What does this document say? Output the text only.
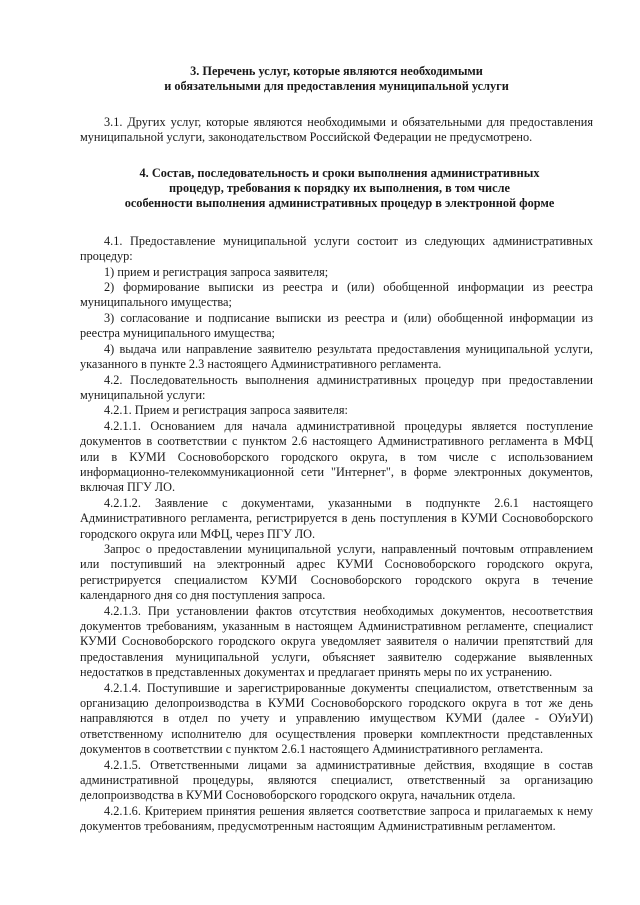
3. Перечень услуг, которые являются необходимыми
и обязательными для предоставления муниципальной услуги

3.1. Других услуг, которые являются необходимыми и обязательными для предоставления муниципальной услуги, законодательством Российской Федерации не предусмотрено.

4. Состав, последовательность и сроки выполнения административных
процедур, требования к порядку их выполнения, в том числе
особенности выполнения административных процедур в электронной форме

4.1. Предоставление муниципальной услуги состоит из следующих административных процедур:

1) прием и регистрация запроса заявителя;

2) формирование выписки из реестра и (или) обобщенной информации из реестра муниципального имущества;

3) согласование и подписание выписки из реестра и (или) обобщенной информации из реестра муниципального имущества;

4) выдача или направление заявителю результата предоставления муниципальной услуги, указанного в пункте 2.3 настоящего Административного регламента.

4.2. Последовательность выполнения административных процедур при предоставлении муниципальной услуги:

4.2.1. Прием и регистрация запроса заявителя:

4.2.1.1. Основанием для начала административной процедуры является поступление документов в соответствии с пунктом 2.6 настоящего Административного регламента в МФЦ или в КУМИ Сосновоборского городского округа, в том числе с использованием информационно-телекоммуникационной сети "Интернет", в форме электронных документов, включая ПГУ ЛО.

4.2.1.2. Заявление с документами, указанными в подпункте 2.6.1 настоящего Административного регламента, регистрируется в день поступления в КУМИ Сосновоборского городского округа или МФЦ, через ПГУ ЛО.

Запрос о предоставлении муниципальной услуги, направленный почтовым отправлением или поступивший на электронный адрес КУМИ Сосновоборского городского округа, регистрируется специалистом КУМИ Сосновоборского городского округа в течение календарного дня со дня поступления запроса.

4.2.1.3. При установлении фактов отсутствия необходимых документов, несоответствия документов требованиям, указанным в настоящем Административном регламенте, специалист КУМИ Сосновоборского городского округа уведомляет заявителя о наличии препятствий для предоставления муниципальной услуги, объясняет заявителю содержание выявленных недостатков в представленных документах и предлагает принять меры по их устранению.

4.2.1.4. Поступившие и зарегистрированные документы специалистом, ответственным за организацию делопроизводства в КУМИ Сосновоборского городского округа в тот же день направляются в отдел по учету и управлению имуществом КУМИ (далее - ОУиУИ) ответственному исполнителю для осуществления проверки комплектности представленных документов в соответствии с пунктом 2.6.1 настоящего Административного регламента.

4.2.1.5. Ответственными лицами за административные действия, входящие в состав административной процедуры, являются специалист, ответственный за организацию делопроизводства в КУМИ Сосновоборского городского округа, начальник отдела.

4.2.1.6. Критерием принятия решения является соответствие запроса и прилагаемых к нему документов требованиям, предусмотренным настоящим Административным регламентом.
